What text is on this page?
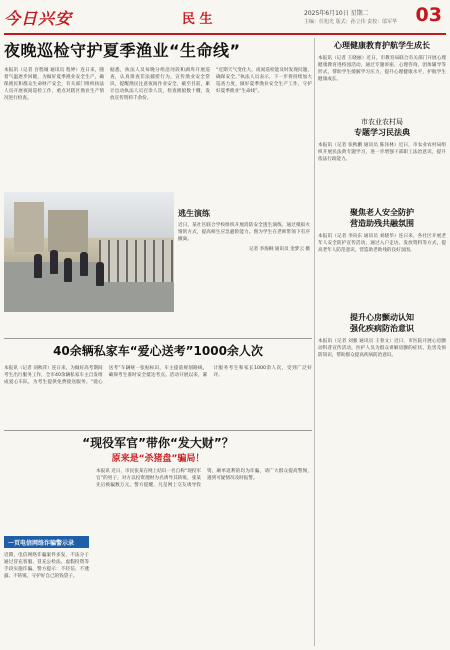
今日兴安	民 生	2025年6月10日 星期二
主编：任旭光 版式：孙立伟 责校：邬军华 03
夜晚巡检守护夏季渔业“生命线”

本报讯（记者 吾程城 通讯员 程婷）连日来，随着气温逐步回暖，为做好夏季渔业安全生产，确保渔民和群众生命财产安全，有关部门组织执法人员开展夜间巡检工作，重点对辖区渔业生产情况进行检查。

据悉，执法人员每晚分组沿河段和湖库开展巡查，认真排查非法捕捞行为，宣传渔业安全常识，提醒渔民注意夜间作业安全，截至目前，累计出动执法人员百余人次，检查渔船数十艘，发放宣传资料千余份。

“近期天气变化大，夜间巡检能及时发现问题，确保安全。”执法人员表示，下一步将持续加大巡查力度，做好夏季渔业安全生产工作，守护好夏季渔业“生命线”。

逃生演练

近日，某社区联合学校组织开展消防安全逃生演练，通过模拟火情的方式，提高师生应急避险能力。图为学生在老师带领下有序撤离。

记者 李海桐 通讯员 金梦云 摄

40余辆私家车“爱心送考”1000余人次

本报讯（记者 刘秋萍）连日来，为做好高考期间考生出行服务工作，全市40余辆私家车主自发组成爱心车队，为考生提供免费接送服务。“爱心送考”车辆统一张贴标识，车主提前规划路线，确保考生准时安全抵达考点。活动开展以来，累计服务考生和家长1000余人次，受到广泛好评。

“现役军官”带你“发大财”？
原来是“杀猪盘”骗局！

本报讯 近日，市民张某在网上结识一名自称“现役军官”的男子，对方以投资理财为名诱导其转账，张某先后被骗数万元。警方提醒，凡是网上交友诱导投资、刷单返利的均为诈骗，请广大群众提高警惕，遇到可疑情况及时报警。

一页电信网络诈骗警示录

近期，电信网络诈骗案件多发，不法分子通过冒充客服、冒充公检法、虚假投资等手段实施诈骗。警方提示：不轻信、不透露、不转账，守护好自己的钱袋子。

心理健康教育护航学生成长

本报讯（记者 王晓丽）近日，市教育局联合有关部门开展心理健康教育进校园活动，通过专题讲座、心理咨询、团体辅导等形式，帮助学生缓解学习压力，提升心理健康水平，护航学生健康成长。

市农业农村局
专题学习民法典

本报讯（记者 张秋鹏 通讯员 陈泽林）近日，市农业农村局组织开展民法典专题学习，进一步增强干部职工法治意识，提升依法行政能力。

聚焦老人安全防护
营造助残共融氛围

本报讯（记者 李向东 通讯员 刘晓华）连日来，各社区开展老年人安全防护宣传活动，通过入户走访、发放资料等方式，提高老年人防范意识，营造助老助残的良好氛围。

提升心房颤动认知
强化疾病防治意识

本报讯（记者 刘强 通讯员 王春文）近日，市医院开展心房颤动科普宣传活动，医护人员为群众讲解房颤的症状、危害及预防知识，帮助群众提高疾病防治意识。
